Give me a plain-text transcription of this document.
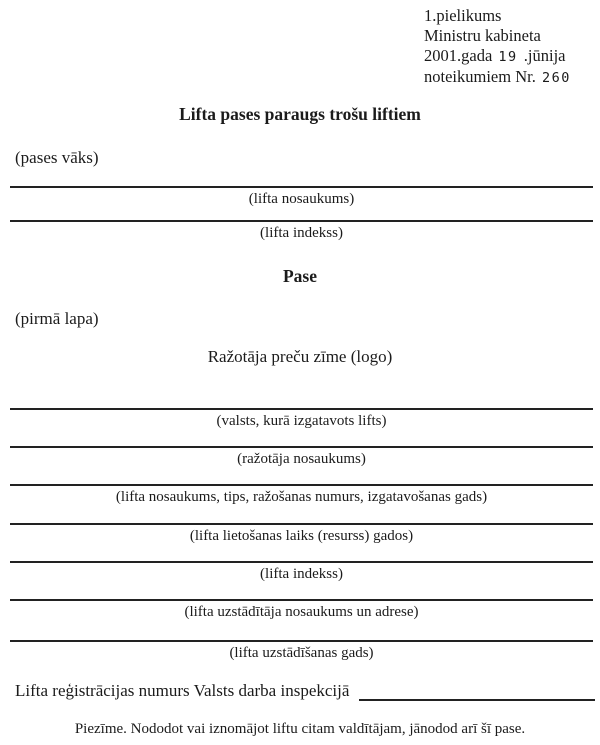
1.pielikums
Ministru kabineta
2001.gada 19 .jūnija
noteikumiem Nr. 260
Lifta pases paraugs trošu liftiem
(pases vāks)
(lifta nosaukums)
(lifta indekss)
Pase
(pirmā lapa)
Ražotāja preču zīme (logo)
(valsts, kurā izgatavots lifts)
(ražotāja nosaukums)
(lifta nosaukums, tips, ražošanas numurs, izgatavošanas gads)
(lifta lietošanas laiks (resurss) gados)
(lifta indekss)
(lifta uzstādītāja nosaukums un adrese)
(lifta uzstādīšanas gads)
Lifta reģistrācijas numurs Valsts darba inspekcijā
Piezīme. Nododot vai iznomājot liftu citam valdītājam, jānodod arī šī pase.
